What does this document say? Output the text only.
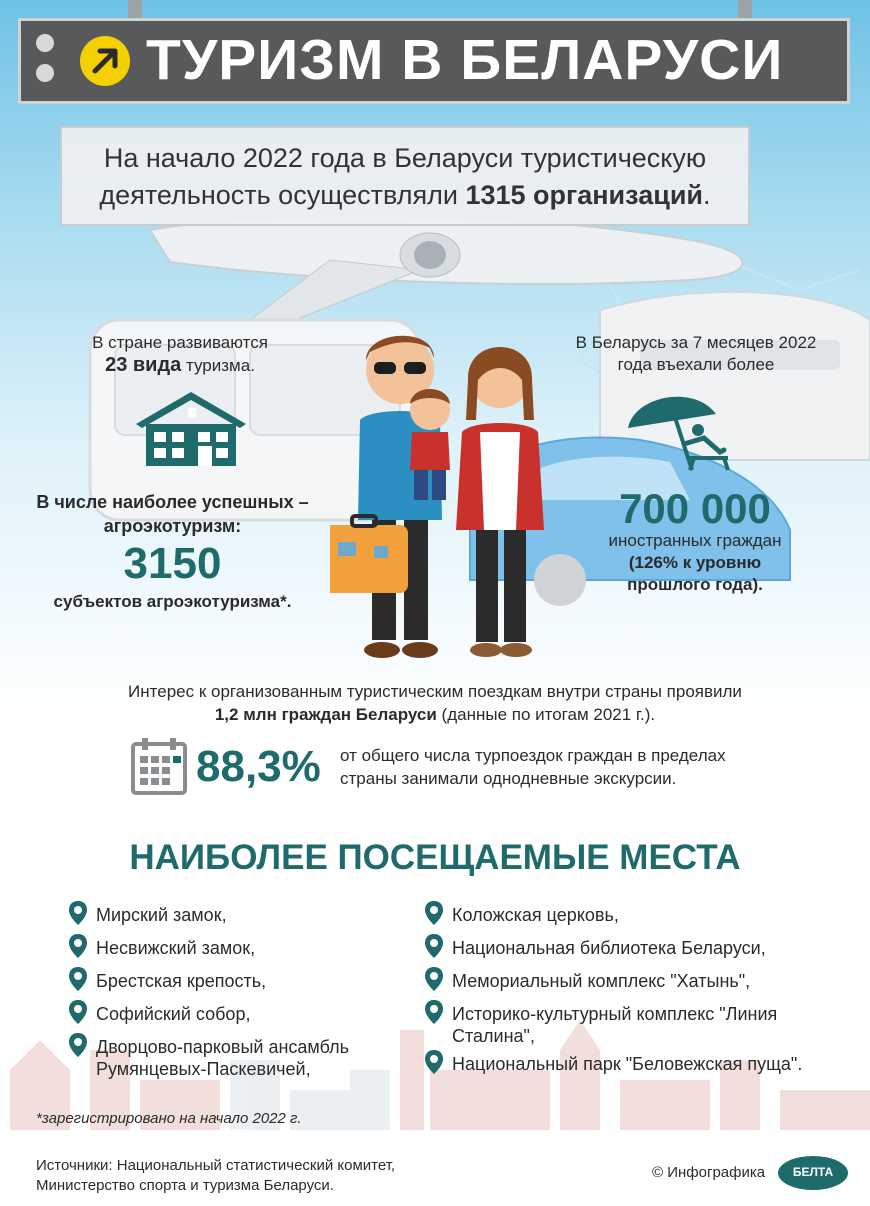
ТУРИЗМ В БЕЛАРУСИ
На начало 2022 года в Беларуси туристическую
деятельность осуществляли 1315 организаций.
В стране развиваются
23 вида туризма.
В числе наиболее успешных –
агроэкотуризм:
3150
субъектов агроэкотуризма*.
В Беларусь за 7 месяцев 2022
года въехали более
700 000
иностранных граждан
(126% к уровню
прошлого года).
Интерес к организованным туристическим поездкам внутри страны проявили
1,2 млн граждан Беларуси (данные по итогам 2021 г.).
88,3% от общего числа турпоездок граждан в пределах
страны занимали однодневные экскурсии.
НАИБОЛЕЕ ПОСЕЩАЕМЫЕ МЕСТА
Мирский замок,
Несвижский замок,
Брестская крепость,
Софийский собор,
Дворцово-парковый ансамбль
Румянцевых-Паскевичей,
Коложская церковь,
Национальная библиотека Беларуси,
Мемориальный комплекс "Хатынь",
Историко-культурный комплекс "Линия
Сталина",
Национальный парк "Беловежская пуща".
*зарегистрировано на начало 2022 г.
Источники: Национальный статистический комитет,
Министерство спорта и туризма Беларуси.
© Инфографика	БЕЛТА
